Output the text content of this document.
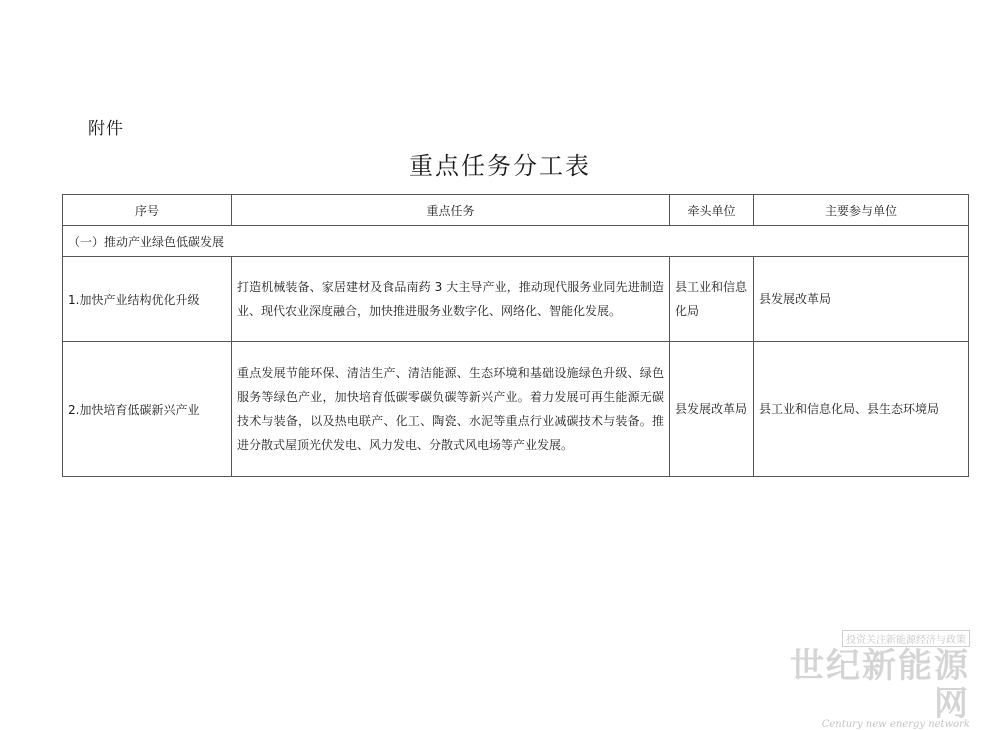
附件
重点任务分工表
序号	重点任务	牵头单位	主要参与单位
（一）推动产业绿色低碳发展			
1.加快产业结构优化升级	打造机械装备、家居建材及食品南药 3 大主导产业，推动现代服务业同先进制造业、现代农业深度融合，加快推进服务业数字化、网络化、智能化发展。	县工业和信息化局	县发展改革局
2.加快培育低碳新兴产业	重点发展节能环保、清洁生产、清洁能源、生态环境和基础设施绿色升级、绿色服务等绿色产业，加快培育低碳零碳负碳等新兴产业。着力发展可再生能源无碳技术与装备，以及热电联产、化工、陶瓷、水泥等重点行业减碳技术与装备。推进分散式屋顶光伏发电、风力发电、分散式风电场等产业发展。	县发展改革局	县工业和信息化局、县生态环境局
投资关注新能源经济与政策
世纪新能源网
Century new energy network
